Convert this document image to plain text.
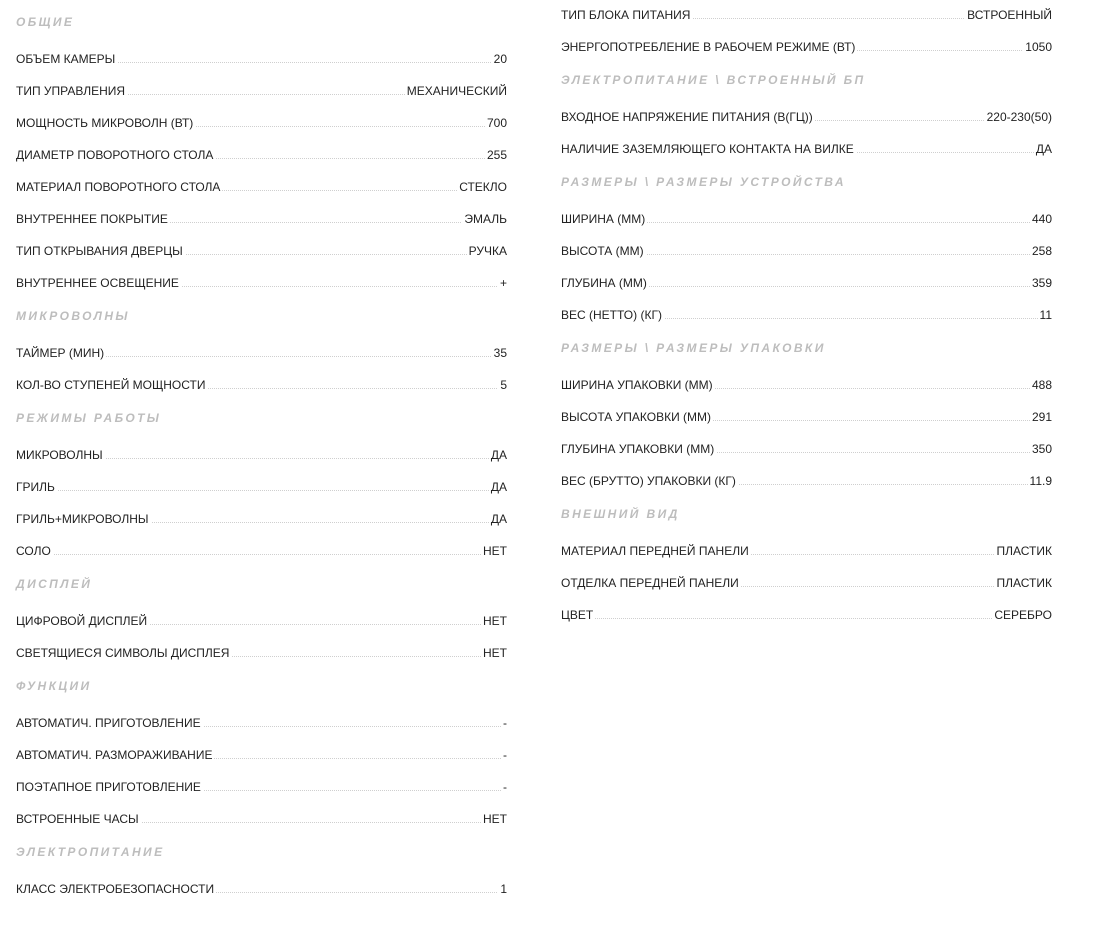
ОБЩИЕ
ОБЪЕМ КАМЕРЫ	20
ТИП УПРАВЛЕНИЯ	МЕХАНИЧЕСКИЙ
МОЩНОСТЬ МИКРОВОЛН (ВТ)	700
ДИАМЕТР ПОВОРОТНОГО СТОЛА	255
МАТЕРИАЛ ПОВОРОТНОГО СТОЛА	СТЕКЛО
ВНУТРЕННЕЕ ПОКРЫТИЕ	ЭМАЛЬ
ТИП ОТКРЫВАНИЯ ДВЕРЦЫ	РУЧКА
ВНУТРЕННЕЕ ОСВЕЩЕНИЕ	+
МИКРОВОЛНЫ
ТАЙМЕР (МИН)	35
КОЛ-ВО СТУПЕНЕЙ МОЩНОСТИ	5
РЕЖИМЫ РАБОТЫ
МИКРОВОЛНЫ	ДА
ГРИЛЬ	ДА
ГРИЛЬ+МИКРОВОЛНЫ	ДА
СОЛО	НЕТ
ДИСПЛЕЙ
ЦИФРОВОЙ ДИСПЛЕЙ	НЕТ
СВЕТЯЩИЕСЯ СИМВОЛЫ ДИСПЛЕЯ	НЕТ
ФУНКЦИИ
АВТОМАТИЧ. ПРИГОТОВЛЕНИЕ	-
АВТОМАТИЧ. РАЗМОРАЖИВАНИЕ	-
ПОЭТАПНОЕ ПРИГОТОВЛЕНИЕ	-
ВСТРОЕННЫЕ ЧАСЫ	НЕТ
ЭЛЕКТРОПИТАНИЕ
КЛАСС ЭЛЕКТРОБЕЗОПАСНОСТИ	1
ТИП БЛОКА ПИТАНИЯ	ВСТРОЕННЫЙ
ЭНЕРГОПОТРЕБЛЕНИЕ В РАБОЧЕМ РЕЖИМЕ (ВТ)	1050
ЭЛЕКТРОПИТАНИЕ \ ВСТРОЕННЫЙ БП
ВХОДНОЕ НАПРЯЖЕНИЕ ПИТАНИЯ (В(ГЦ))	220-230(50)
НАЛИЧИЕ ЗАЗЕМЛЯЮЩЕГО КОНТАКТА НА ВИЛКЕ	ДА
РАЗМЕРЫ \ РАЗМЕРЫ УСТРОЙСТВА
ШИРИНА (ММ)	440
ВЫСОТА (ММ)	258
ГЛУБИНА (ММ)	359
ВЕС (НЕТТО) (КГ)	11
РАЗМЕРЫ \ РАЗМЕРЫ УПАКОВКИ
ШИРИНА УПАКОВКИ (ММ)	488
ВЫСОТА УПАКОВКИ (ММ)	291
ГЛУБИНА УПАКОВКИ (ММ)	350
ВЕС (БРУТТО) УПАКОВКИ (КГ)	11.9
ВНЕШНИЙ ВИД
МАТЕРИАЛ ПЕРЕДНЕЙ ПАНЕЛИ	ПЛАСТИК
ОТДЕЛКА ПЕРЕДНЕЙ ПАНЕЛИ	ПЛАСТИК
ЦВЕТ	СЕРЕБРО
